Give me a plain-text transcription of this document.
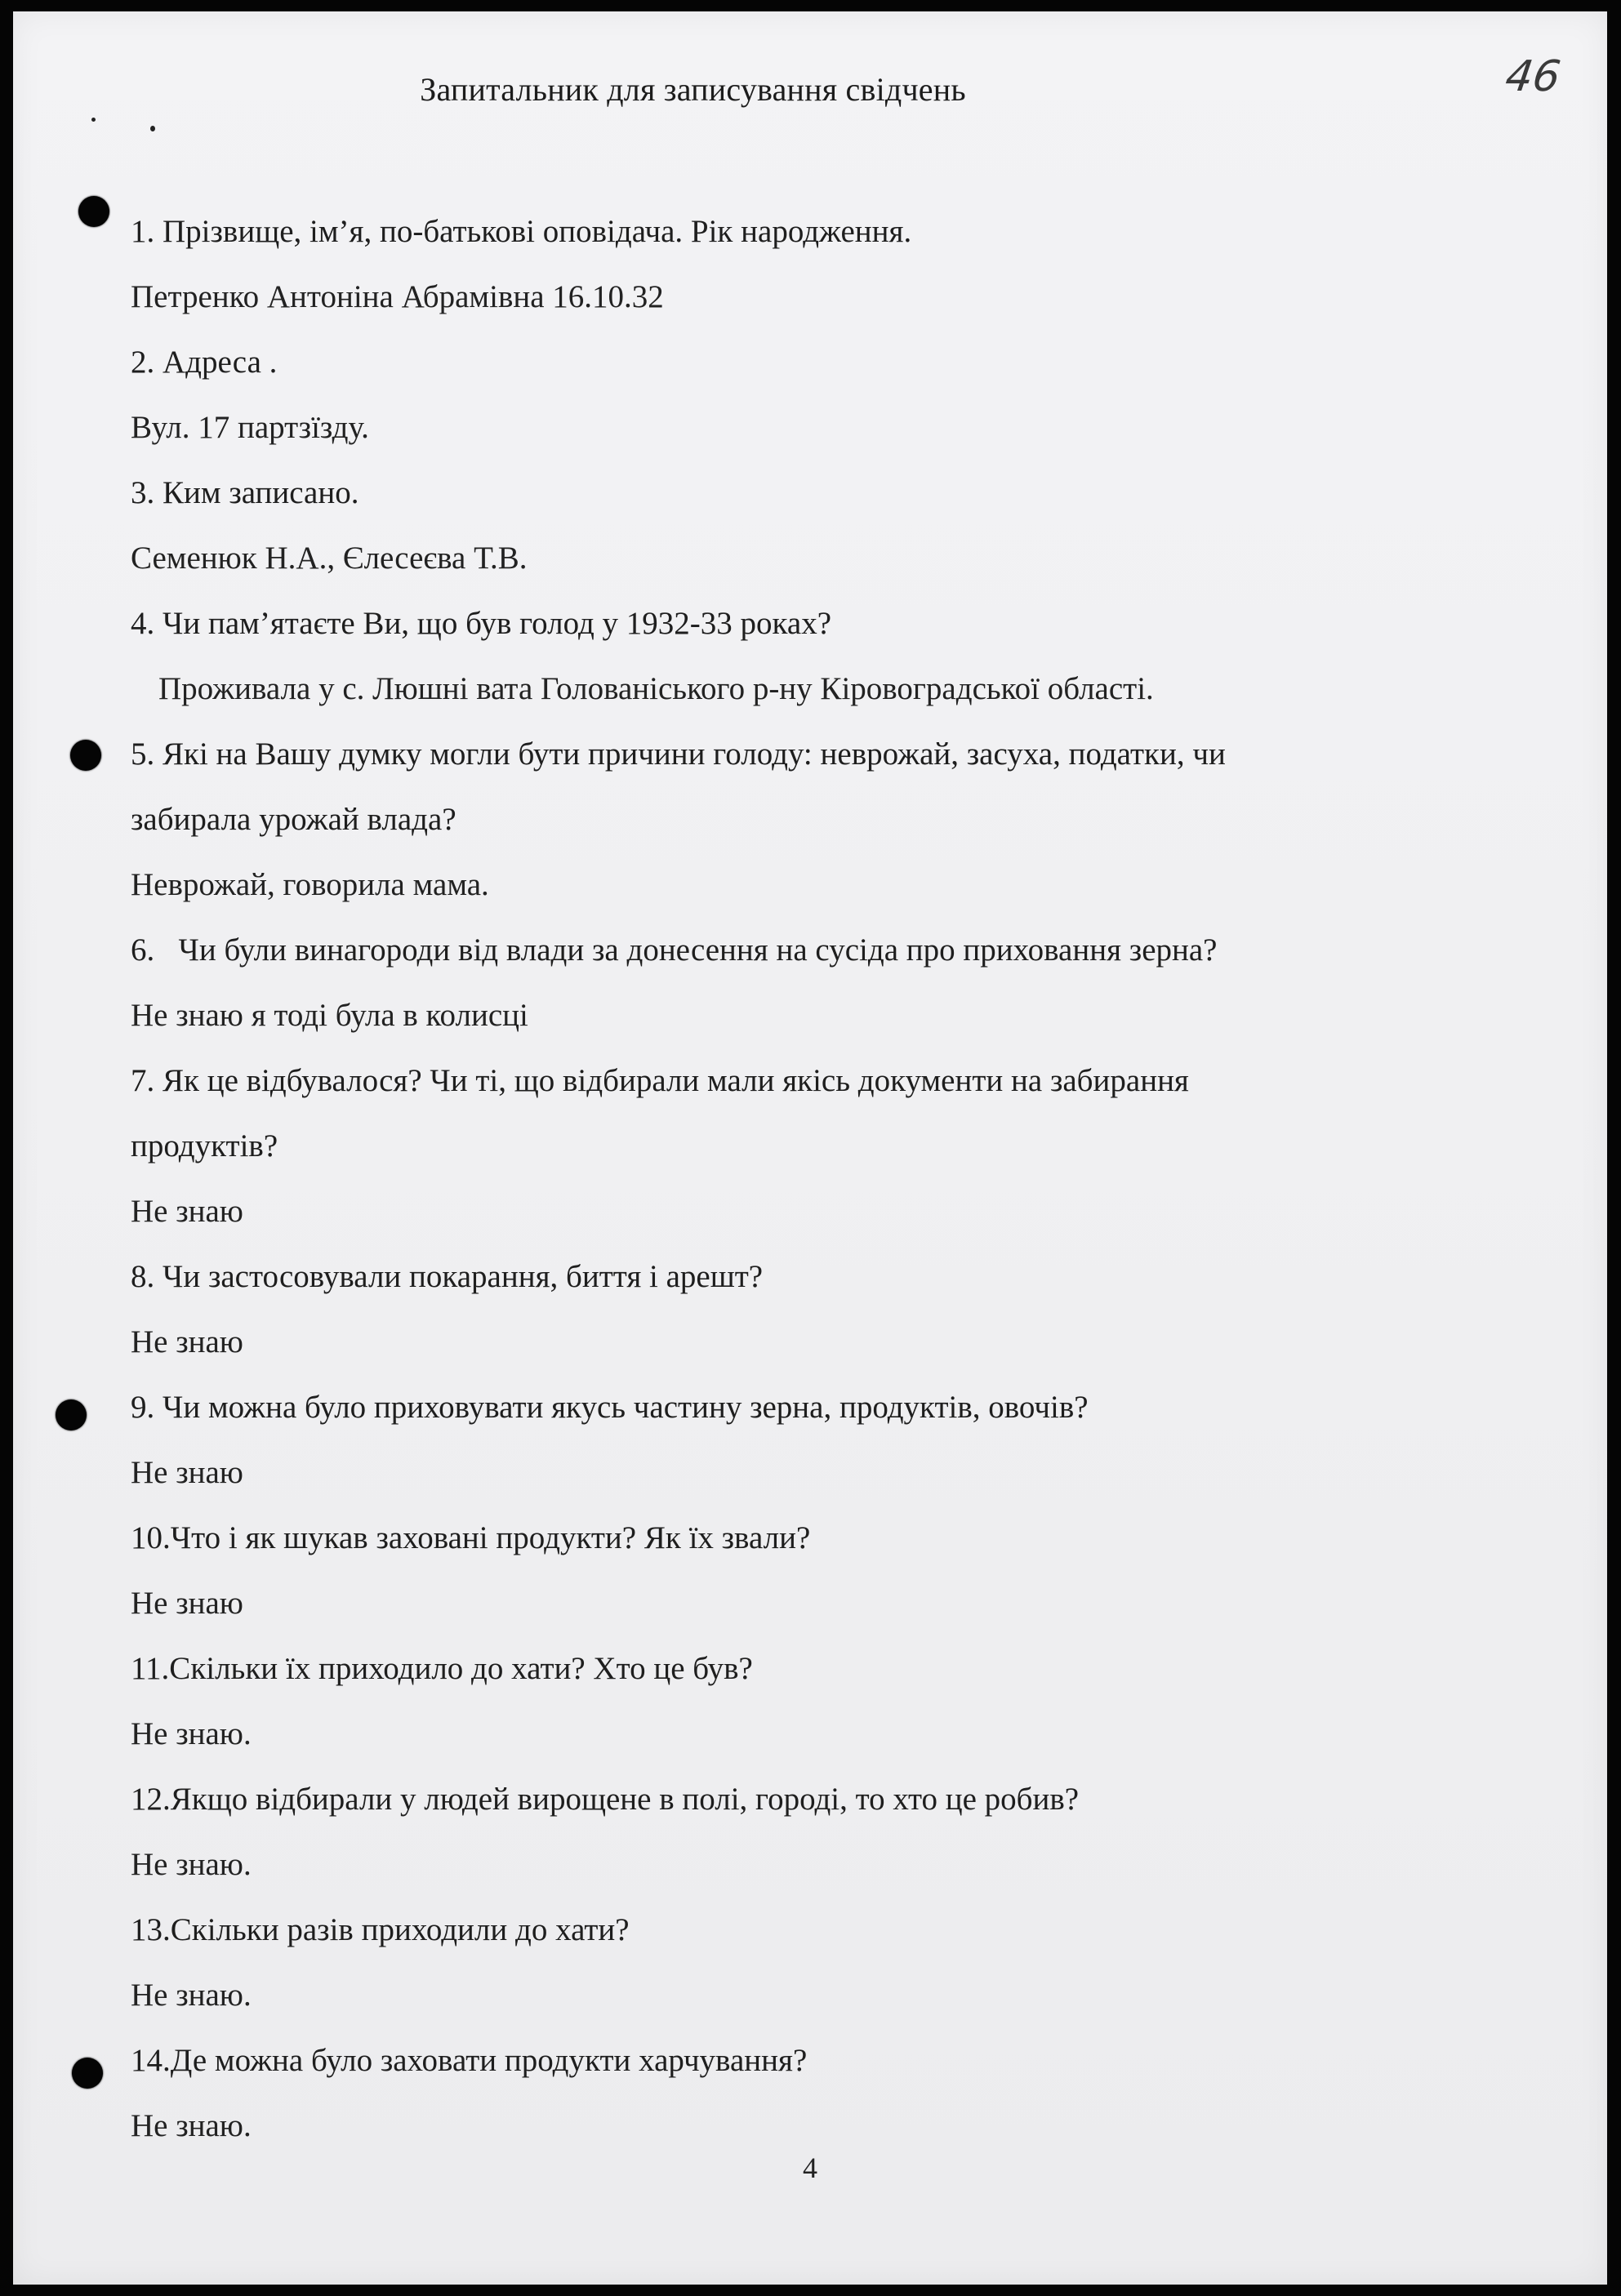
Запитальник для записування свідчень	46
1. Прізвище, ім’я, по-батькові оповідача. Рік народження.
Петренко Антоніна Абрамівна 16.10.32
2. Адреса .
Вул. 17 партзїзду.
3. Ким записано.
Семенюк Н.А., Єлесеєва Т.В.
4. Чи пам’ятаєте Ви, що був голод у 1932-33 роках?
Проживала у с. Люшні вата Голованіського р-ну Кіровоградської області.
5. Які на Вашу думку могли бути причини голоду: неврожай, засуха, податки, чи
забирала урожай влада?
Неврожай, говорила мама.
6.   Чи були винагороди від влади за донесення на сусіда про приховання зерна?
Не знаю я тоді була в колисці
7. Як це відбувалося? Чи ті, що відбирали мали якісь документи на забирання
продуктів?
Не знаю
8. Чи застосовували покарання, биття і арешт?
Не знаю
9. Чи можна було приховувати якусь частину зерна, продуктів, овочів?
Не знаю
10.Что і як шукав заховані продукти? Як їх звали?
Не знаю
11.Скільки їх приходило до хати? Хто це був?
Не знаю.
12.Якщо відбирали у людей вирощене в полі, городі, то хто це робив?
Не знаю.
13.Скільки разів приходили до хати?
Не знаю.
14.Де можна було заховати продукти харчування?
Не знаю.
4
